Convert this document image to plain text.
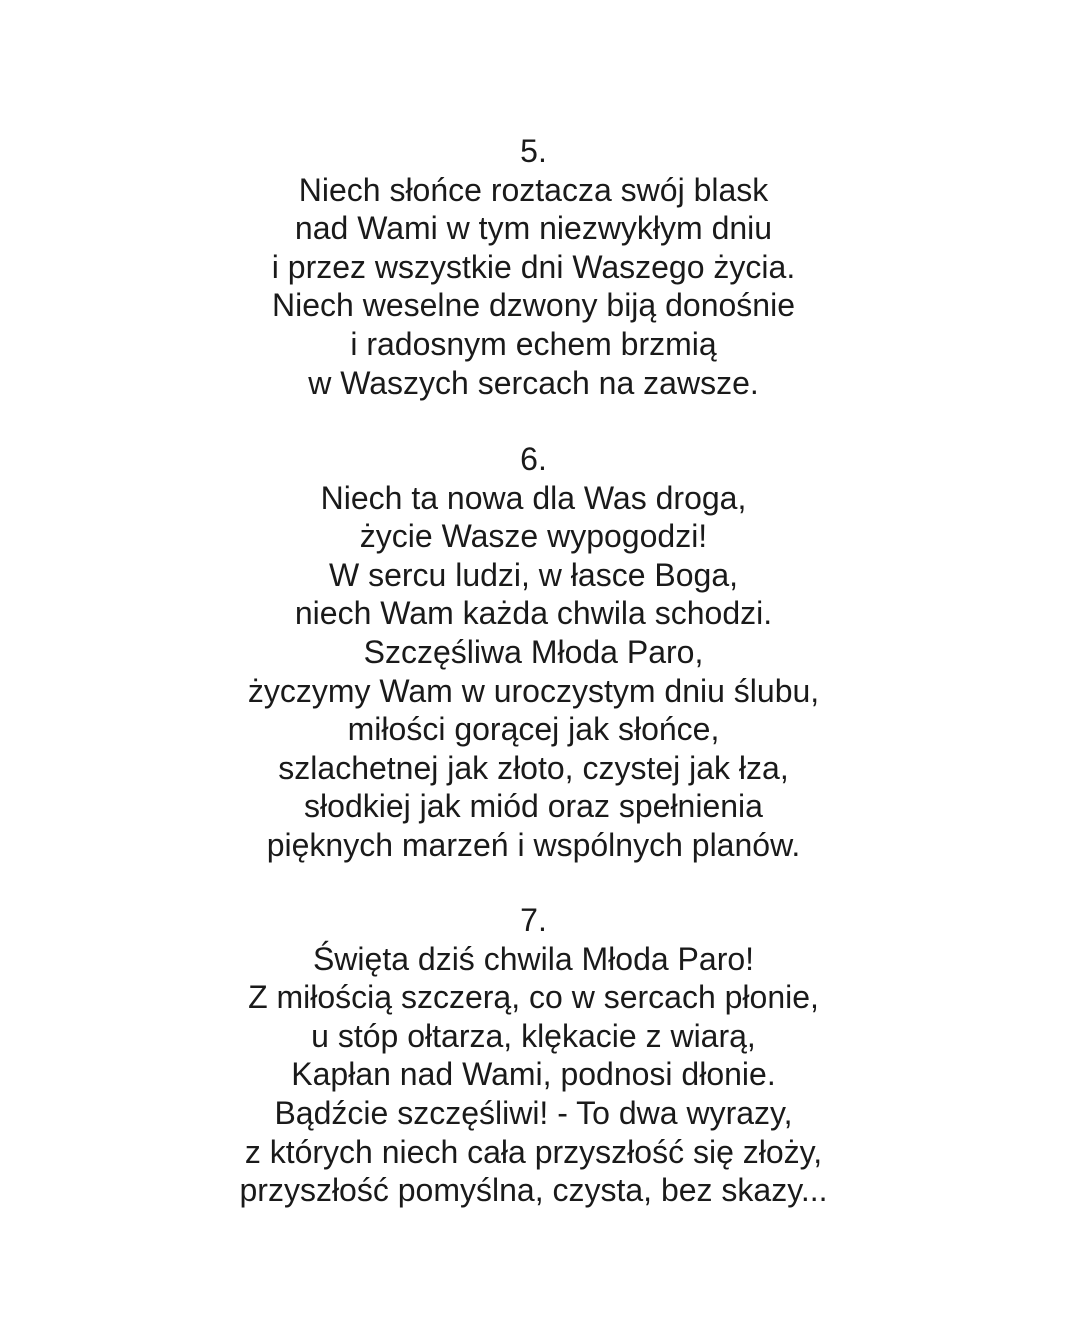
5.
Niech słońce roztacza swój blask
nad Wami w tym niezwykłym dniu
i przez wszystkie dni Waszego życia.
Niech weselne dzwony biją donośnie
i radosnym echem brzmią
w Waszych sercach na zawsze.
6.
Niech ta nowa dla Was droga,
życie Wasze wypogodzi!
W sercu ludzi, w łasce Boga,
niech Wam każda chwila schodzi.
Szczęśliwa Młoda Paro,
życzymy Wam w uroczystym dniu ślubu,
miłości gorącej jak słońce,
szlachetnej jak złoto, czystej jak łza,
słodkiej jak miód oraz spełnienia
pięknych marzeń i wspólnych planów.
7.
Święta dziś chwila Młoda Paro!
Z miłością szczerą, co w sercach płonie,
u stóp ołtarza, klękacie z wiarą,
Kapłan nad Wami, podnosi dłonie.
Bądźcie szczęśliwi! - To dwa wyrazy,
z których niech cała przyszłość się złoży,
przyszłość pomyślna, czysta, bez skazy...
